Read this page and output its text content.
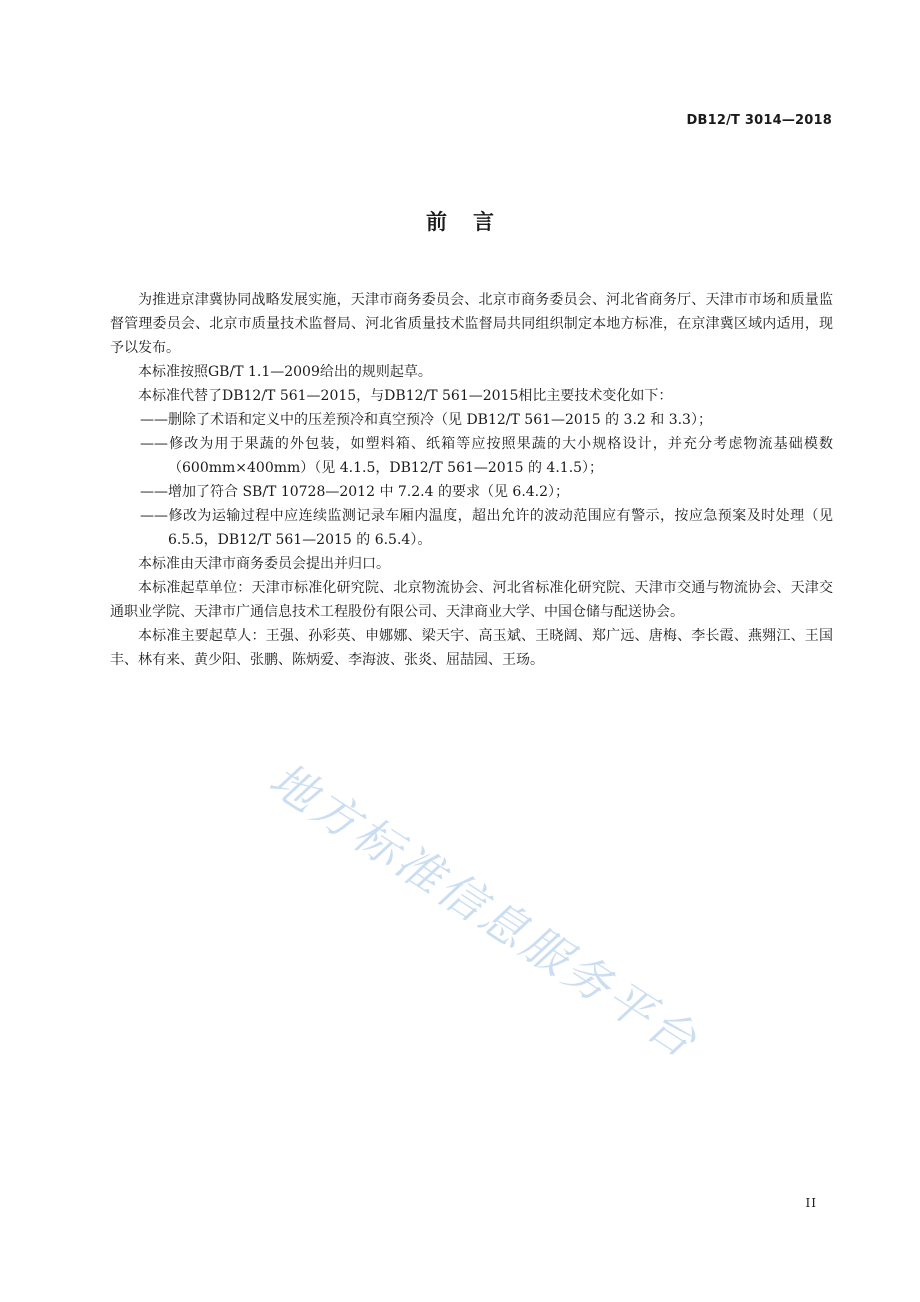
DB12/T 3014—2018
前言

为推进京津冀协同战略发展实施，天津市商务委员会、北京市商务委员会、河北省商务厅、天津市市场和质量监督管理委员会、北京市质量技术监督局、河北省质量技术监督局共同组织制定本地方标准，在京津冀区域内适用，现予以发布。

本标准按照GB/T 1.1—2009给出的规则起草。

本标准代替了DB12/T 561—2015，与DB12/T 561—2015相比主要技术变化如下：

——删除了术语和定义中的压差预冷和真空预冷（见 DB12/T 561—2015 的 3.2 和 3.3）；
——修改为用于果蔬的外包装，如塑料箱、纸箱等应按照果蔬的大小规格设计，并充分考虑物流基础模数（600mm×400mm）（见 4.1.5，DB12/T 561—2015 的 4.1.5）；
——增加了符合 SB/T 10728—2012 中 7.2.4 的要求（见 6.4.2）；
——修改为运输过程中应连续监测记录车厢内温度，超出允许的波动范围应有警示，按应急预案及时处理（见 6.5.5，DB12/T 561—2015 的 6.5.4）。

本标准由天津市商务委员会提出并归口。

本标准起草单位：天津市标准化研究院、北京物流协会、河北省标准化研究院、天津市交通与物流协会、天津交通职业学院、天津市广通信息技术工程股份有限公司、天津商业大学、中国仓储与配送协会。

本标准主要起草人：王强、孙彩英、申娜娜、梁天宇、高玉斌、王晓阔、郑广远、唐梅、李长霞、燕翙江、王国丰、林有来、黄少阳、张鹏、陈炳爱、李海波、张炎、屈喆园、王玚。

地方标准信息服务平台
II
